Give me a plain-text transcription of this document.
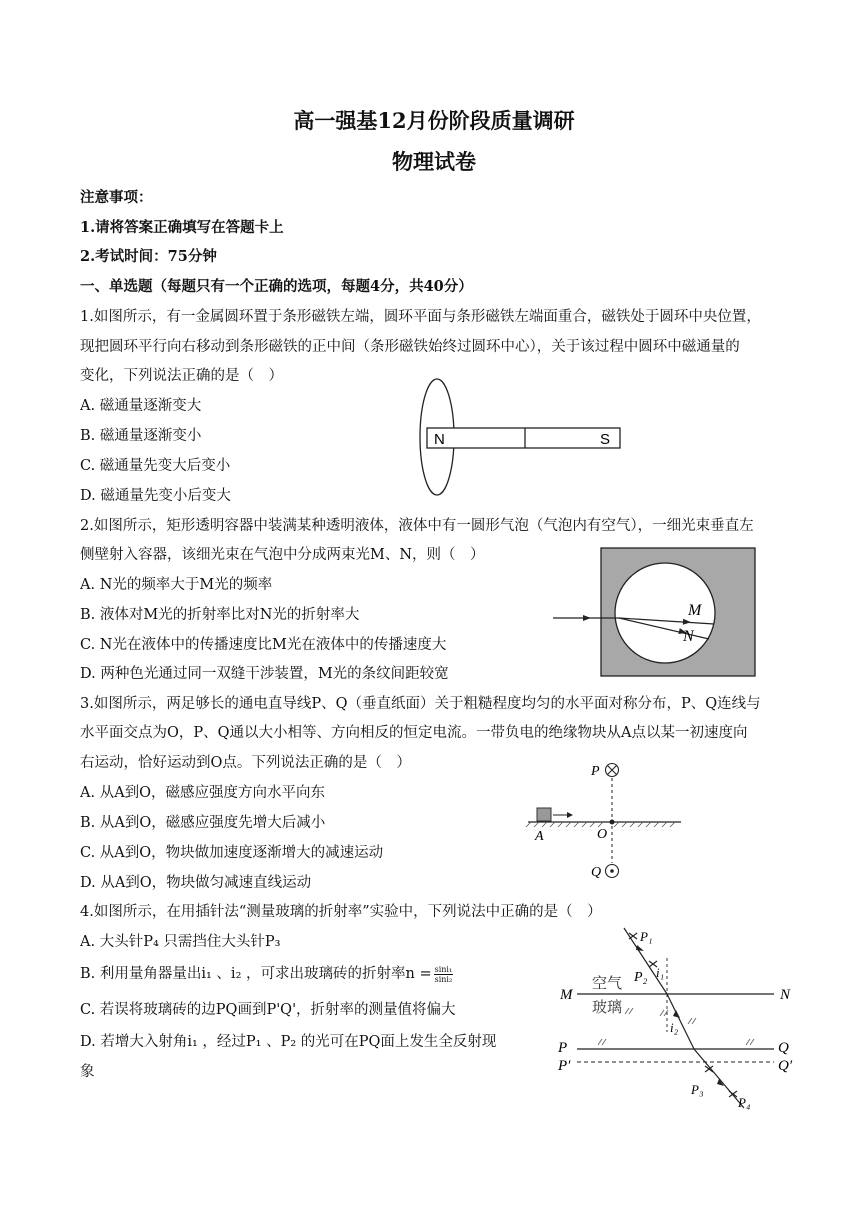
高一强基12月份阶段质量调研
物理试卷
注意事项：
1.请将答案正确填写在答题卡上
2.考试时间：75分钟
一、单选题（每题只有一个正确的选项，每题4分，共40分）
1.如图所示，有一金属圆环置于条形磁铁左端，圆环平面与条形磁铁左端面重合，磁铁处于圆环中央位置，
现把圆环平行向右移动到条形磁铁的正中间（条形磁铁始终过圆环中心），关于该过程中圆环中磁通量的
变化，下列说法正确的是（　）
A. 磁通量逐渐变大
B. 磁通量逐渐变小
C. 磁通量先变大后变小
D. 磁通量先变小后变大
N	S
2.如图所示，矩形透明容器中装满某种透明液体，液体中有一圆形气泡（气泡内有空气），一细光束垂直左
侧壁射入容器，该细光束在气泡中分成两束光M、N，则（　）
A. N光的频率大于M光的频率
B. 液体对M光的折射率比对N光的折射率大
C. N光在液体中的传播速度比M光在液体中的传播速度大
D. 两种色光通过同一双缝干涉装置，M光的条纹间距较宽
M
N
3.如图所示，两足够长的通电直导线P、Q（垂直纸面）关于粗糙程度均匀的水平面对称分布，P、Q连线与
水平面交点为O，P、Q通以大小相等、方向相反的恒定电流。一带负电的绝缘物块从A点以某一初速度向
右运动，恰好运动到O点。下列说法正确的是（　）
A. 从A到O，磁感应强度方向水平向东
B. 从A到O，磁感应强度先增大后减小
C. 从A到O，物块做加速度逐渐增大的减速运动
D. 从A到O，物块做匀减速直线运动
P
A	O
Q
4.如图所示，在用插针法“测量玻璃的折射率”实验中，下列说法中正确的是（　）
A. 大头针P₄ 只需挡住大头针P₃
B. 利用量角器量出i₁ 、i₂ ，可求出玻璃砖的折射率$n = \frac{\text{sini₁}}{\text{sini₂}}$
C. 若误将玻璃砖的边PQ画到P'Q'，折射率的测量值将偏大
D. 若增大入射角i₁ ，经过P₁ 、P₂ 的光可在PQ面上发生全反射现
象
P₁
P₂
P₃
P₄
i₁
i₂
空气
玻璃
M	N
P
P′
Q
Q′
